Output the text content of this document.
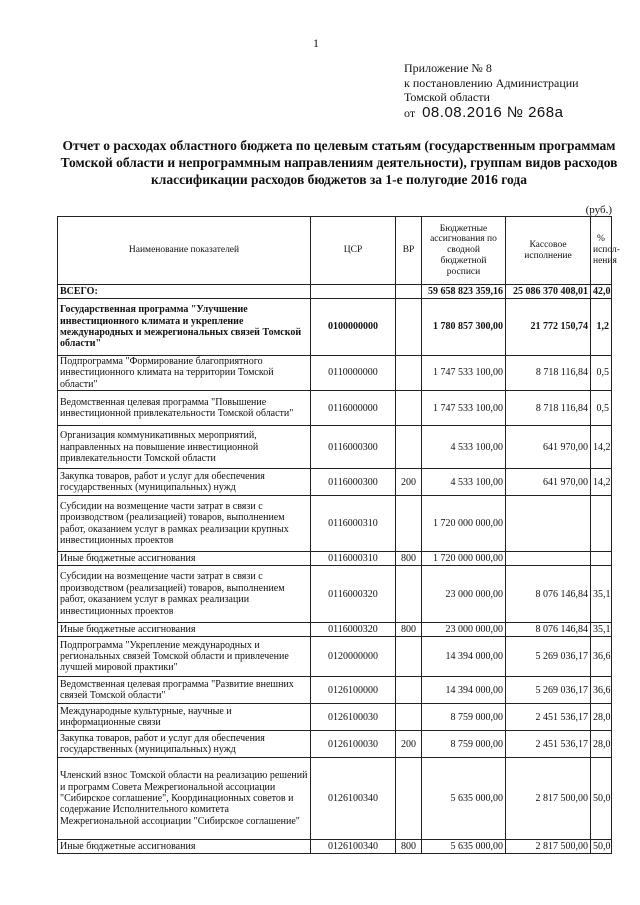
1
Приложение № 8
к постановлению Администрации
Томской области
от 08.08.2016 № 268а
Отчет о расходах областного бюджета по целевым статьям (государственным программам Томской области и непрограммным направлениям деятельности), группам видов расходов классификации расходов бюджетов за 1-е полугодие 2016 года
(руб.)
Наименование показателей	ЦСР	ВР	Бюджетные ассигнования по сводной бюджетной росписи	Кассовое исполнение	% испол-нения
ВСЕГО:			59 658 823 359,16	25 086 370 408,01	42,0
Государственная программа "Улучшение инвестиционного климата и укрепление международных и межрегиональных связей Томской области"	0100000000		1 780 857 300,00	21 772 150,74	1,2
Подпрограмма "Формирование благоприятного инвестиционного климата на территории Томской области"	0110000000		1 747 533 100,00	8 718 116,84	0,5
Ведомственная целевая программа "Повышение инвестиционной привлекательности Томской области"	0116000000		1 747 533 100,00	8 718 116,84	0,5
Организация коммуникативных мероприятий, направленных на повышение инвестиционной привлекательности Томской области	0116000300		4 533 100,00	641 970,00	14,2
Закупка товаров, работ и услуг для обеспечения государственных (муниципальных) нужд	0116000300	200	4 533 100,00	641 970,00	14,2
Субсидии на возмещение части затрат в связи с производством (реализацией) товаров, выполнением работ, оказанием услуг в рамках реализации крупных инвестиционных проектов	0116000310		1 720 000 000,00		
Иные бюджетные ассигнования	0116000310	800	1 720 000 000,00		
Субсидии на возмещение части затрат в связи с производством (реализацией) товаров, выполнением работ, оказанием услуг в рамках реализации инвестиционных проектов	0116000320		23 000 000,00	8 076 146,84	35,1
Иные бюджетные ассигнования	0116000320	800	23 000 000,00	8 076 146,84	35,1
Подпрограмма "Укрепление международных и региональных связей Томской области и привлечение лучшей мировой практики"	0120000000		14 394 000,00	5 269 036,17	36,6
Ведомственная целевая программа "Развитие внешних связей Томской области"	0126100000		14 394 000,00	5 269 036,17	36,6
Международные культурные, научные и информационные связи	0126100030		8 759 000,00	2 451 536,17	28,0
Закупка товаров, работ и услуг для обеспечения государственных (муниципальных) нужд	0126100030	200	8 759 000,00	2 451 536,17	28,0
Членский взнос Томской области на реализацию решений и программ Совета Межрегиональной ассоциации "Сибирское соглашение", Координационных советов и содержание Исполнительного комитета Межрегиональной ассоциации "Сибирское соглашение"	0126100340		5 635 000,00	2 817 500,00	50,0
Иные бюджетные ассигнования	0126100340	800	5 635 000,00	2 817 500,00	50,0
